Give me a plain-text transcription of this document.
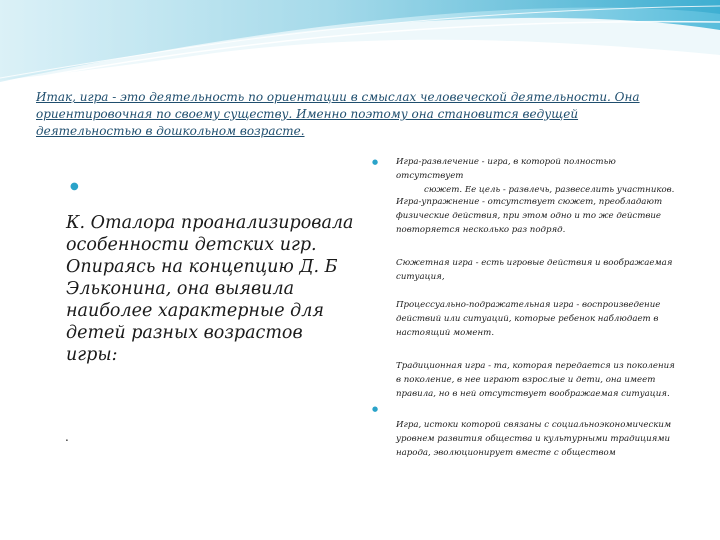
Итак, игра - это деятельность по ориентации в смыслах человеческой деятельности. Она ориентировочная по своему существу. Именно поэтому она становится ведущей деятельностью в дошкольном возрасте.

●

К. Оталора проанализировала особенности детских игр. Опираясь на концепцию Д. Б Эльконина, она выявила наиболее характерные для детей разных возрастов игры:

.
● Игра-развлечение - игра, в которой полностью отсутствует

сюжет. Ее цель - развлечь, развеселить участников.

Игра-упражнение - отсутствует сюжет, преобладают физические действия, при этом одно и то же действие повторяется несколько раз подряд.

Сюжетная игра - есть игровые действия и воображаемая ситуация,

Процессуально-подражательная игра - воспроизведение действий или ситуаций, которые ребенок наблюдает в настоящий момент.

Традиционная игра - та, которая передается из поколения в поколение, в нее играют взрослые и дети, она имеет правила, но в ней отсутствует воображаемая ситуация.

●

Игра, истоки которой связаны с социальноэкономическим уровнем развития общества и культурными традициями народа, эволюционирует вместе с обществом
